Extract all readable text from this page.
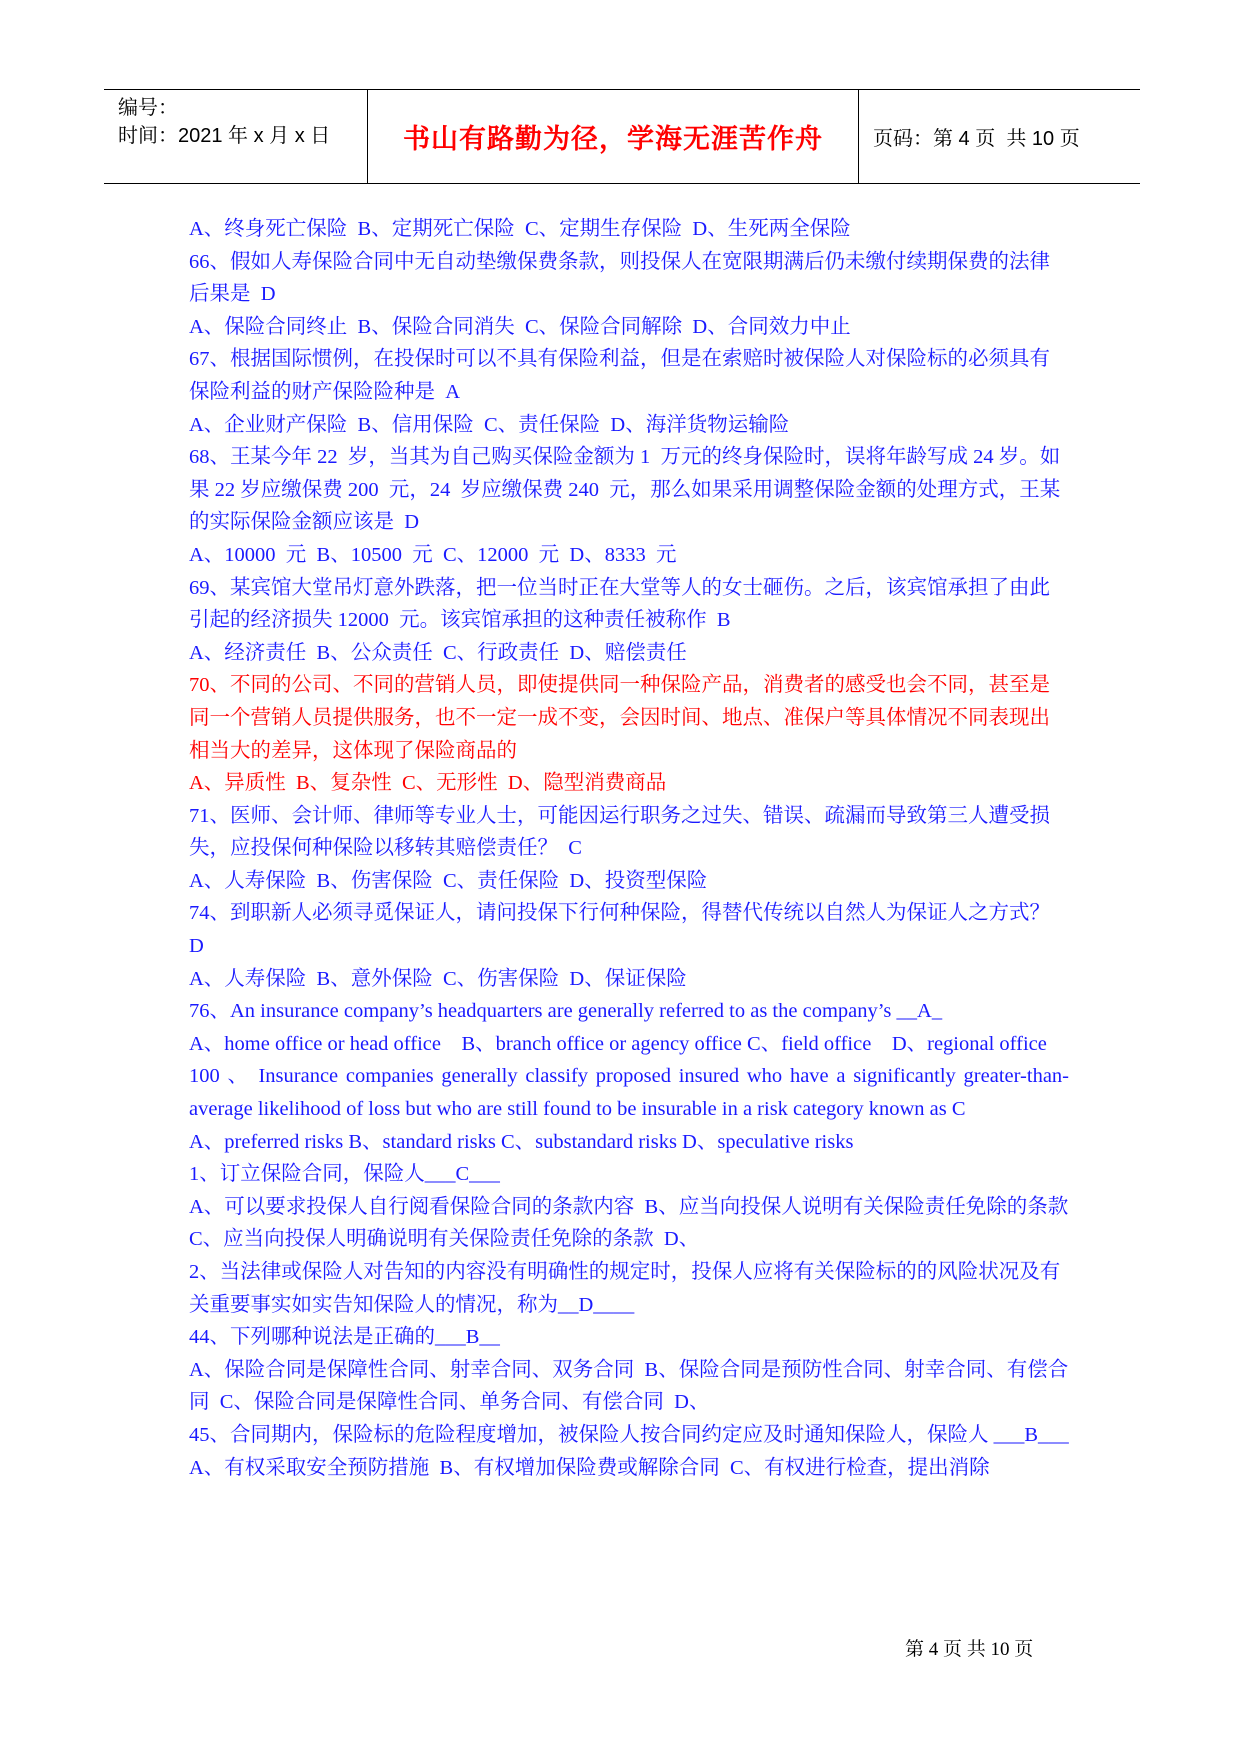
编号：
时间：2021 年 x 月 x 日	书山有路勤为径，学海无涯苦作舟	页码：第 4 页  共 10 页

A、终身死亡保险  B、定期死亡保险  C、定期生存保险  D、生死两全保险

66、假如人寿保险合同中无自动垫缴保费条款，则投保人在宽限期满后仍未缴付续期保费的法律后果是  D

A、保险合同终止  B、保险合同消失  C、保险合同解除  D、合同效力中止

67、根据国际惯例，在投保时可以不具有保险利益，但是在索赔时被保险人对保险标的必须具有保险利益的财产保险险种是  A

A、企业财产保险  B、信用保险  C、责任保险  D、海洋货物运输险

68、王某今年 22  岁，当其为自己购买保险金额为 1  万元的终身保险时，误将年龄写成 24 岁。如果 22 岁应缴保费 200  元，24  岁应缴保费 240  元，那么如果采用调整保险金额的处理方式，王某的实际保险金额应该是  D

A、10000  元  B、10500  元  C、12000  元  D、8333  元

69、某宾馆大堂吊灯意外跌落，把一位当时正在大堂等人的女士砸伤。之后，该宾馆承担了由此引起的经济损失 12000  元。该宾馆承担的这种责任被称作  B

A、经济责任  B、公众责任  C、行政责任  D、赔偿责任

70、不同的公司、不同的营销人员，即使提供同一种保险产品，消费者的感受也会不同，甚至是同一个营销人员提供服务，也不一定一成不变，会因时间、地点、准保户等具体情况不同表现出相当大的差异，这体现了保险商品的

A、异质性  B、复杂性  C、无形性  D、隐型消费商品

71、医师、会计师、律师等专业人士，可能因运行职务之过失、错误、疏漏而导致第三人遭受损失，应投保何种保险以移转其赔偿责任？  C

A、人寿保险  B、伤害保险  C、责任保险  D、投资型保险

74、到职新人必须寻觅保证人，请问投保下行何种保险，得替代传统以自然人为保证人之方式？  D

A、人寿保险  B、意外保险  C、伤害保险  D、保证保险

76、An insurance company’s headquarters are generally referred to as the company’s __A_

A、home office or head office    B、branch office or agency office C、field office    D、regional office

100 、 Insurance companies generally classify proposed insured who have a significantly greater-than- average likelihood of loss but who are still found to be insurable in a risk category known as C

A、preferred risks B、standard risks C、substandard risks D、speculative risks

1、订立保险合同，保险人___C___

A、可以要求投保人自行阅看保险合同的条款内容  B、应当向投保人说明有关保险责任免除的条款  C、应当向投保人明确说明有关保险责任免除的条款  D、

2、当法律或保险人对告知的内容没有明确性的规定时，投保人应将有关保险标的的风险状况及有关重要事实如实告知保险人的情况，称为__D____

44、下列哪种说法是正确的___B__

A、保险合同是保障性合同、射幸合同、双务合同  B、保险合同是预防性合同、射幸合同、有偿合同  C、保险合同是保障性合同、单务合同、有偿合同  D、

45、合同期内，保险标的危险程度增加，被保险人按合同约定应及时通知保险人，保险人 ___B___

A、有权采取安全预防措施  B、有权增加保险费或解除合同  C、有权进行检查，提出消除

第 4 页 共 10 页
